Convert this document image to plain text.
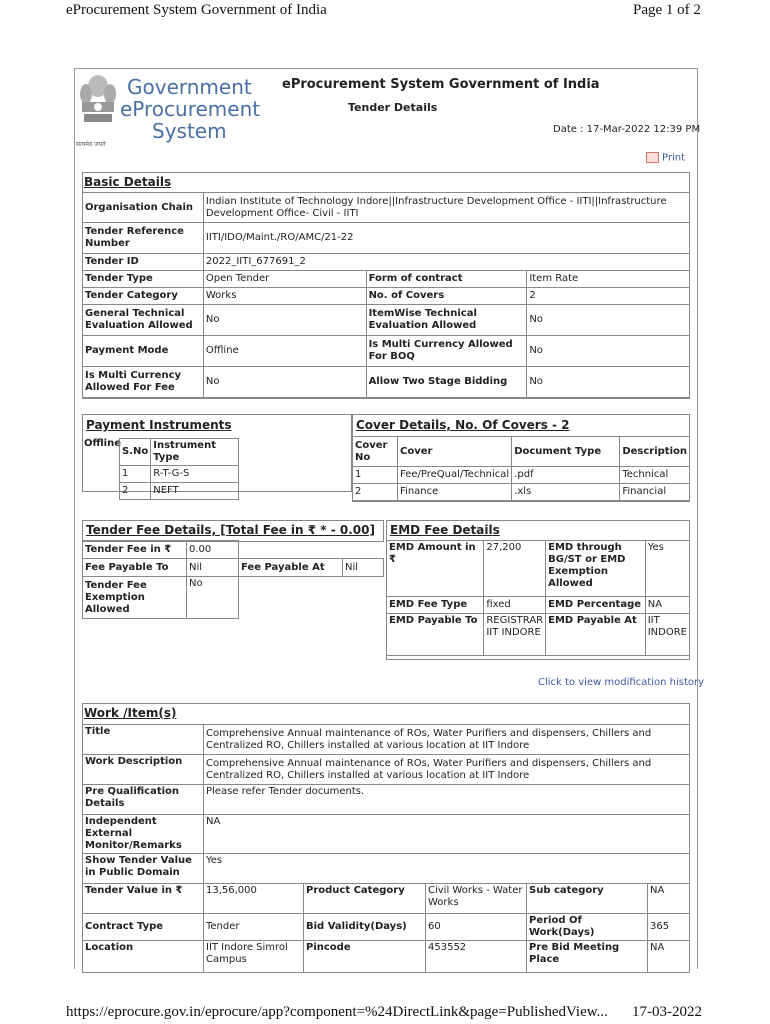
eProcurement System Government of India	Page 1 of 2
सत्यमेव जयते
Government
eProcurement
System
eProcurement System Government of India
Tender Details
Date : 17-Mar-2022 12:39 PM
Print
Basic Details
Organisation Chain	Indian Institute of Technology Indore||Infrastructure Development Office - IITI||Infrastructure Development Office- Civil - IITI		
Tender Reference Number	IITI/IDO/Maint./RO/AMC/21-22		
Tender ID	2022_IITI_677691_2		
Tender Type	Open Tender	Form of contract	Item Rate
Tender Category	Works	No. of Covers	2
General Technical Evaluation Allowed	No	ItemWise Technical Evaluation Allowed	No
Payment Mode	Offline	Is Multi Currency Allowed For BOQ	No
Is Multi Currency Allowed For Fee	No	Allow Two Stage Bidding	No
Payment Instruments
Offline
S.No	Instrument Type
1	R-T-G-S
2	NEFT
Cover Details, No. Of Covers - 2
Cover No	Cover	Document Type	Description
1	Fee/PreQual/Technical	.pdf	Technical
2	Finance	.xls	Financial
Tender Fee Details, [Total Fee in ₹ * - 0.00]
Tender Fee in ₹	0.00		
Fee Payable To	Nil	Fee Payable At	Nil
Tender Fee Exemption Allowed	No		
EMD Fee Details
EMD Amount in ₹	27,200	EMD through BG/ST or EMD Exemption Allowed	Yes
EMD Fee Type	fixed	EMD Percentage	NA
EMD Payable To	REGISTRAR IIT INDORE	EMD Payable At	IIT INDORE
Click to view modification history
Work /Item(s)
Title	Comprehensive Annual maintenance of ROs, Water Purifiers and dispensers, Chillers and Centralized RO, Chillers installed at various location at IIT Indore				
Work Description	Comprehensive Annual maintenance of ROs, Water Purifiers and dispensers, Chillers and Centralized RO, Chillers installed at various location at IIT Indore				
Pre Qualification Details	Please refer Tender documents.				
Independent External Monitor/Remarks	NA				
Show Tender Value in Public Domain	Yes				
Tender Value in ₹	13,56,000	Product Category	Civil Works - Water Works	Sub category	NA
Contract Type	Tender	Bid Validity(Days)	60	Period Of Work(Days)	365
Location	IIT Indore Simrol Campus	Pincode	453552	Pre Bid Meeting Place	NA
https://eprocure.gov.in/eprocure/app?component=%24DirectLink&page=PublishedView... 17-03-2022
